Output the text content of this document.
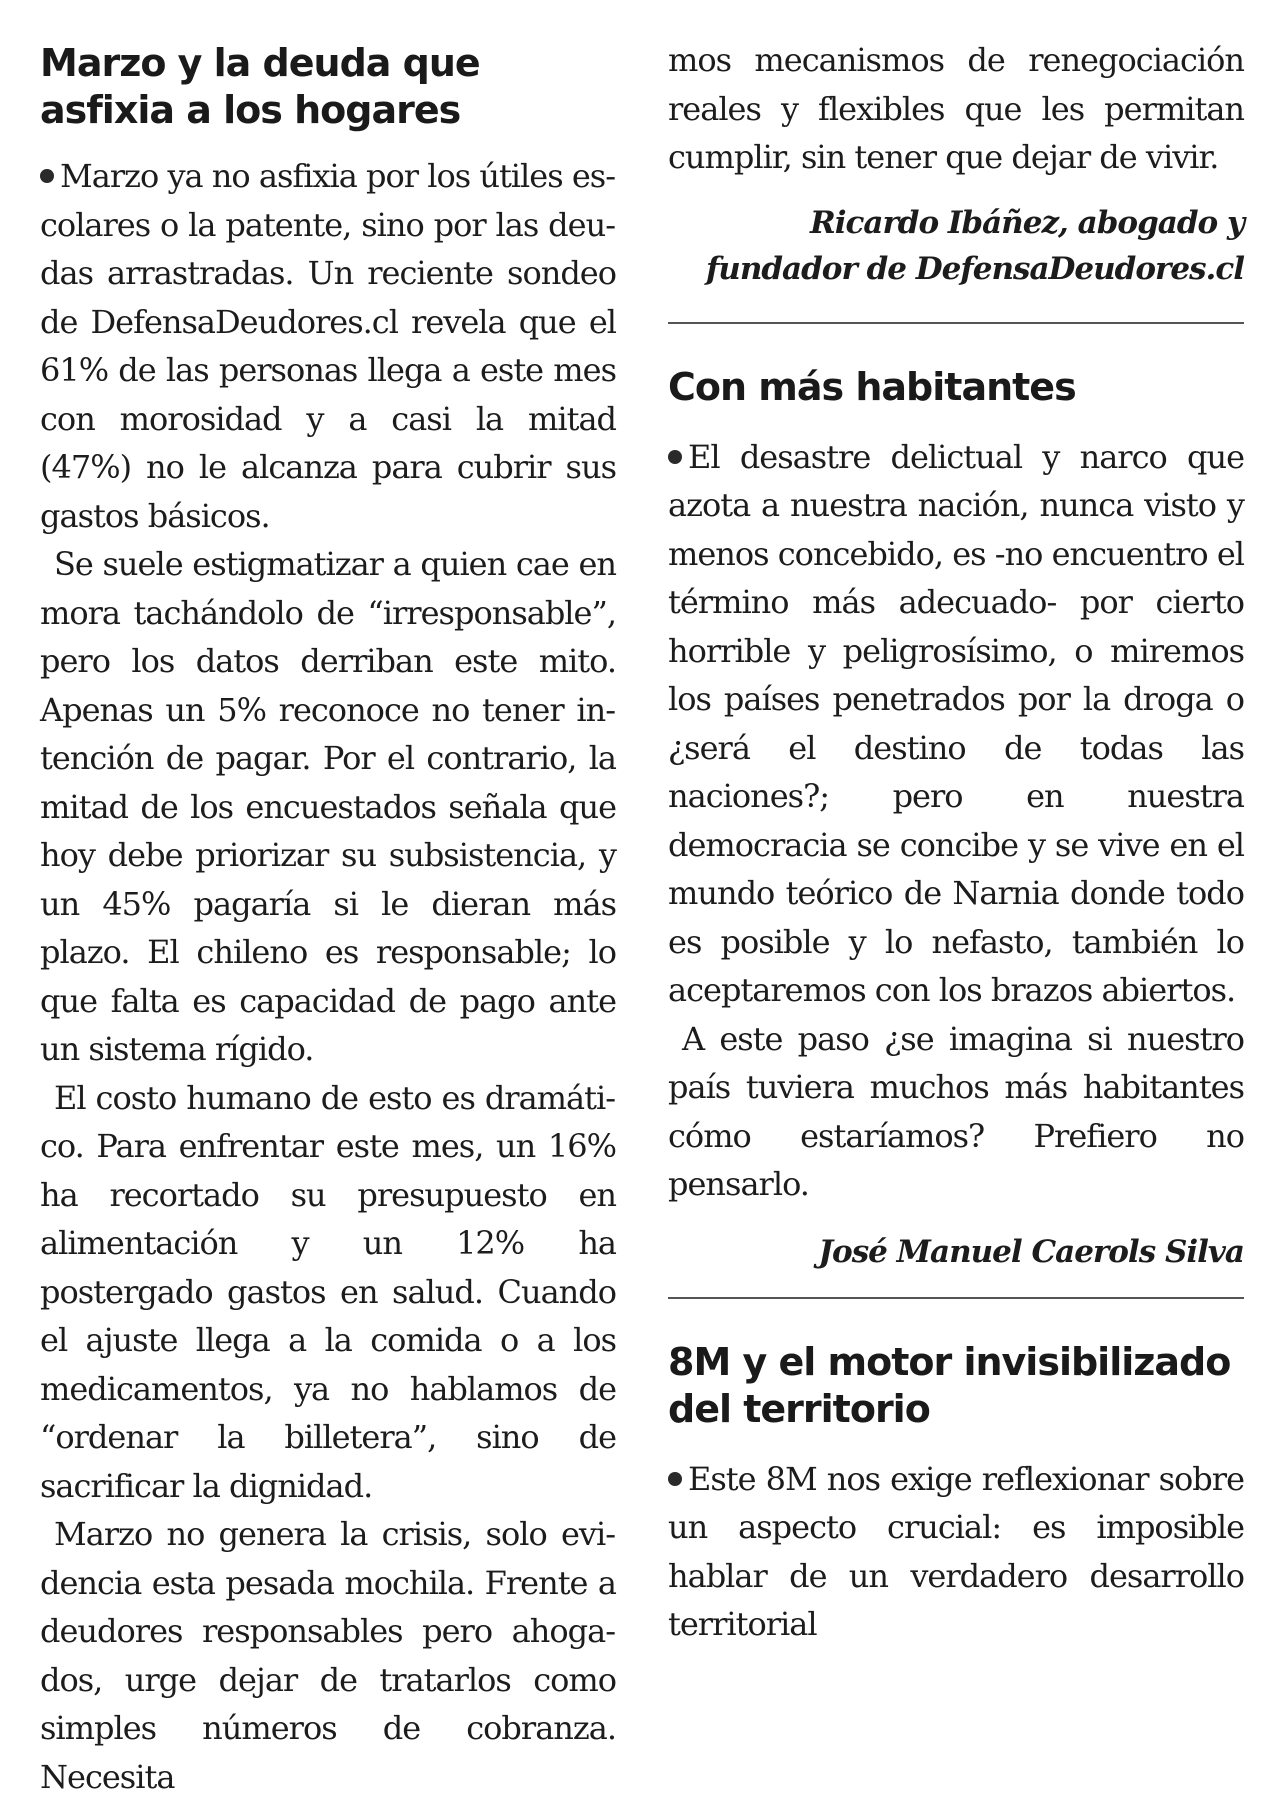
Marzo y la deuda que asfixia a los hogares

Marzo ya no asfixia por los útiles escolares o la patente, sino por las deudas arrastradas. Un reciente sondeo de DefensaDeudores.cl revela que el 61% de las personas llega a este mes con morosidad y a casi la mitad (47%) no le alcanza para cubrir sus gastos básicos.

Se suele estigmatizar a quien cae en mora tachándolo de “irresponsable”, pero los datos derriban este mito. Apenas un 5% reconoce no tener intención de pagar. Por el contrario, la mitad de los encuestados señala que hoy debe priorizar su subsistencia, y un 45% pagaría si le dieran más plazo. El chileno es responsable; lo que falta es capacidad de pago ante un sistema rígido.

El costo humano de esto es dramático. Para enfrentar este mes, un 16% ha recortado su presupuesto en alimentación y un 12% ha postergado gastos en salud. Cuando el ajuste llega a la comida o a los medicamentos, ya no hablamos de “ordenar la billetera”, sino de sacrificar la dignidad.

Marzo no genera la crisis, solo evidencia esta pesada mochila. Frente a deudores responsables pero ahogados, urge dejar de tratarlos como simples números de cobranza. Necesita

mos mecanismos de renegociación reales y flexibles que les permitan cumplir, sin tener que dejar de vivir.

Ricardo Ibáñez, abogado y

fundador de DefensaDeudores.cl

Con más habitantes

El desastre delictual y narco que azota a nuestra nación, nunca visto y menos concebido, es -no encuentro el término más adecuado- por cierto horrible y peligrosísimo, o miremos los países penetrados por la droga o ¿será el destino de todas las naciones?; pero en nuestra democracia se concibe y se vive en el mundo teórico de Narnia donde todo es posible y lo nefasto, también lo aceptaremos con los brazos abiertos.

A este paso ¿se imagina si nuestro país tuviera muchos más habitantes cómo estaríamos? Prefiero no pensarlo.

José Manuel Caerols Silva

8M y el motor invisibilizado del territorio

Este 8M nos exige reflexionar sobre un aspecto crucial: es imposible hablar de un verdadero desarrollo territorial
